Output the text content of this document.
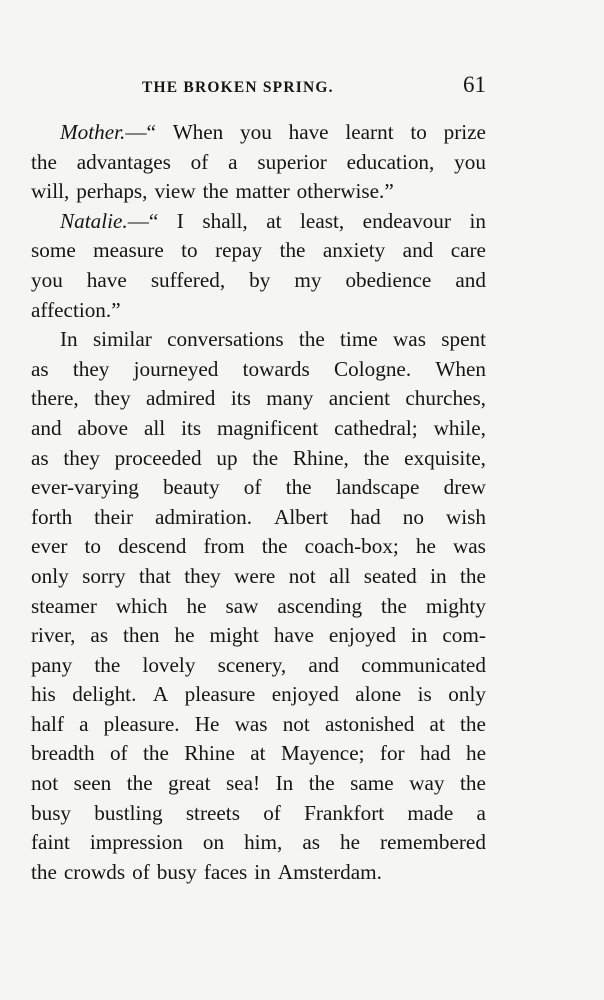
THE BROKEN SPRING.	61
Mother.—“ When you have learnt to prize
the advantages of a superior education, you
will, perhaps, view the matter otherwise.”
Natalie.—“ I shall, at least, endeavour in
some measure to repay the anxiety and care
you have suffered, by my obedience and
affection.”
In similar conversations the time was spent
as they journeyed towards Cologne. When
there, they admired its many ancient churches,
and above all its magnificent cathedral; while,
as they proceeded up the Rhine, the exquisite,
ever-varying beauty of the landscape drew
forth their admiration. Albert had no wish
ever to descend from the coach-box; he was
only sorry that they were not all seated in the
steamer which he saw ascending the mighty
river, as then he might have enjoyed in com-
pany the lovely scenery, and communicated
his delight. A pleasure enjoyed alone is only
half a pleasure. He was not astonished at the
breadth of the Rhine at Mayence; for had he
not seen the great sea! In the same way the
busy bustling streets of Frankfort made a
faint impression on him, as he remembered
the crowds of busy faces in Amsterdam.
